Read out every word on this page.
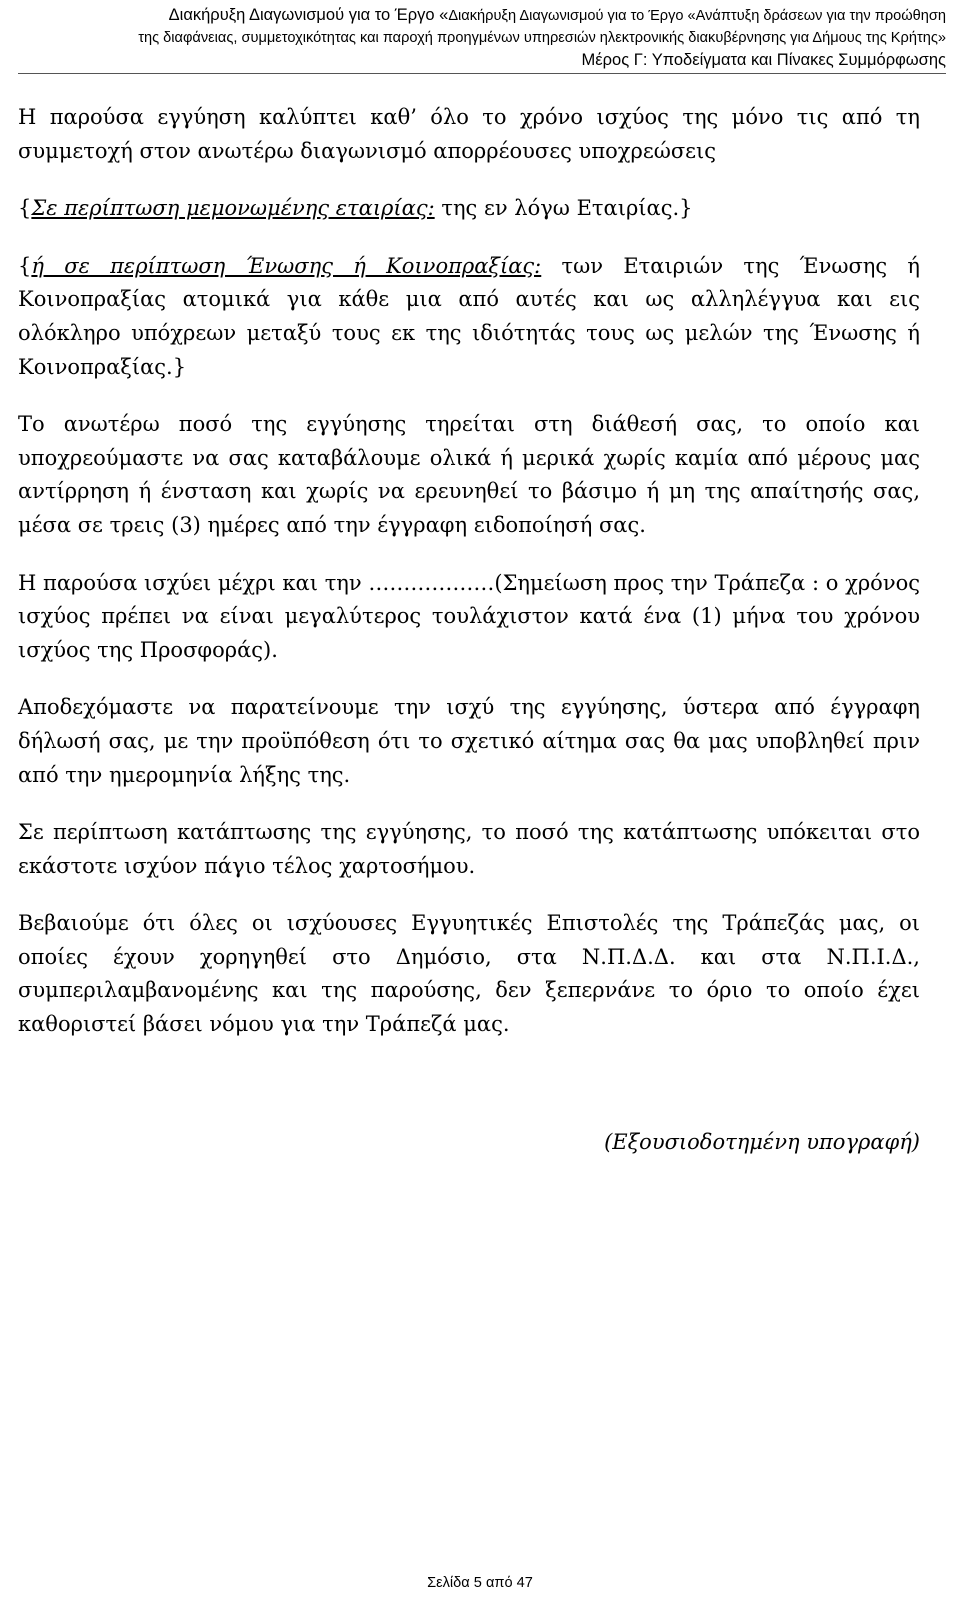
Διακήρυξη Διαγωνισμού για το Έργο «Διακήρυξη Διαγωνισμού για το Έργο «Ανάπτυξη δράσεων για την προώθηση
της διαφάνειας, συμμετοχικότητας και παροχή προηγμένων υπηρεσιών ηλεκτρονικής διακυβέρνησης για Δήμους της Κρήτης»
Μέρος Γ: Υποδείγματα και Πίνακες Συμμόρφωσης

Η παρούσα εγγύηση καλύπτει καθ’ όλο το χρόνο ισχύος της μόνο τις από τη συμμετοχή στον ανωτέρω διαγωνισμό απορρέουσες υποχρεώσεις

{Σε περίπτωση μεμονωμένης εταιρίας: της εν λόγω Εταιρίας.}

{ή σε περίπτωση Ένωσης ή Κοινοπραξίας: των Εταιριών της Ένωσης ή Κοινοπραξίας ατομικά για κάθε μια από αυτές και ως αλληλέγγυα και εις ολόκληρο υπόχρεων μεταξύ τους εκ της ιδιότητάς τους ως μελών της Ένωσης ή Κοινοπραξίας.}

Το ανωτέρω ποσό της εγγύησης τηρείται στη διάθεσή σας, το οποίο και υποχρεούμαστε να σας καταβάλουμε ολικά ή μερικά χωρίς καμία από μέρους μας αντίρρηση ή ένσταση και χωρίς να ερευνηθεί το βάσιμο ή μη της απαίτησής σας, μέσα σε τρεις (3) ημέρες από την έγγραφη ειδοποίησή σας.

Η παρούσα ισχύει μέχρι και την ………………(Σημείωση προς την Τράπεζα : ο χρόνος ισχύος πρέπει να είναι μεγαλύτερος τουλάχιστον κατά ένα (1) μήνα του χρόνου ισχύος της Προσφοράς).

Αποδεχόμαστε να παρατείνουμε την ισχύ της εγγύησης, ύστερα από έγγραφη δήλωσή σας, με την προϋπόθεση ότι το σχετικό αίτημα σας θα μας υποβληθεί πριν από την ημερομηνία λήξης της.

Σε περίπτωση κατάπτωσης της εγγύησης, το ποσό της κατάπτωσης υπόκειται στο εκάστοτε ισχύον πάγιο τέλος χαρτοσήμου.

Βεβαιούμε ότι όλες οι ισχύουσες Εγγυητικές Επιστολές της Τράπεζάς μας, οι οποίες έχουν χορηγηθεί στο Δημόσιο, στα Ν.Π.Δ.Δ. και στα Ν.Π.Ι.Δ., συμπεριλαμβανομένης και της παρούσης, δεν ξεπερνάνε το όριο το οποίο έχει καθοριστεί βάσει νόμου για την Τράπεζά μας.

(Εξουσιοδοτημένη υπογραφή)
Σελίδα 5 από 47
